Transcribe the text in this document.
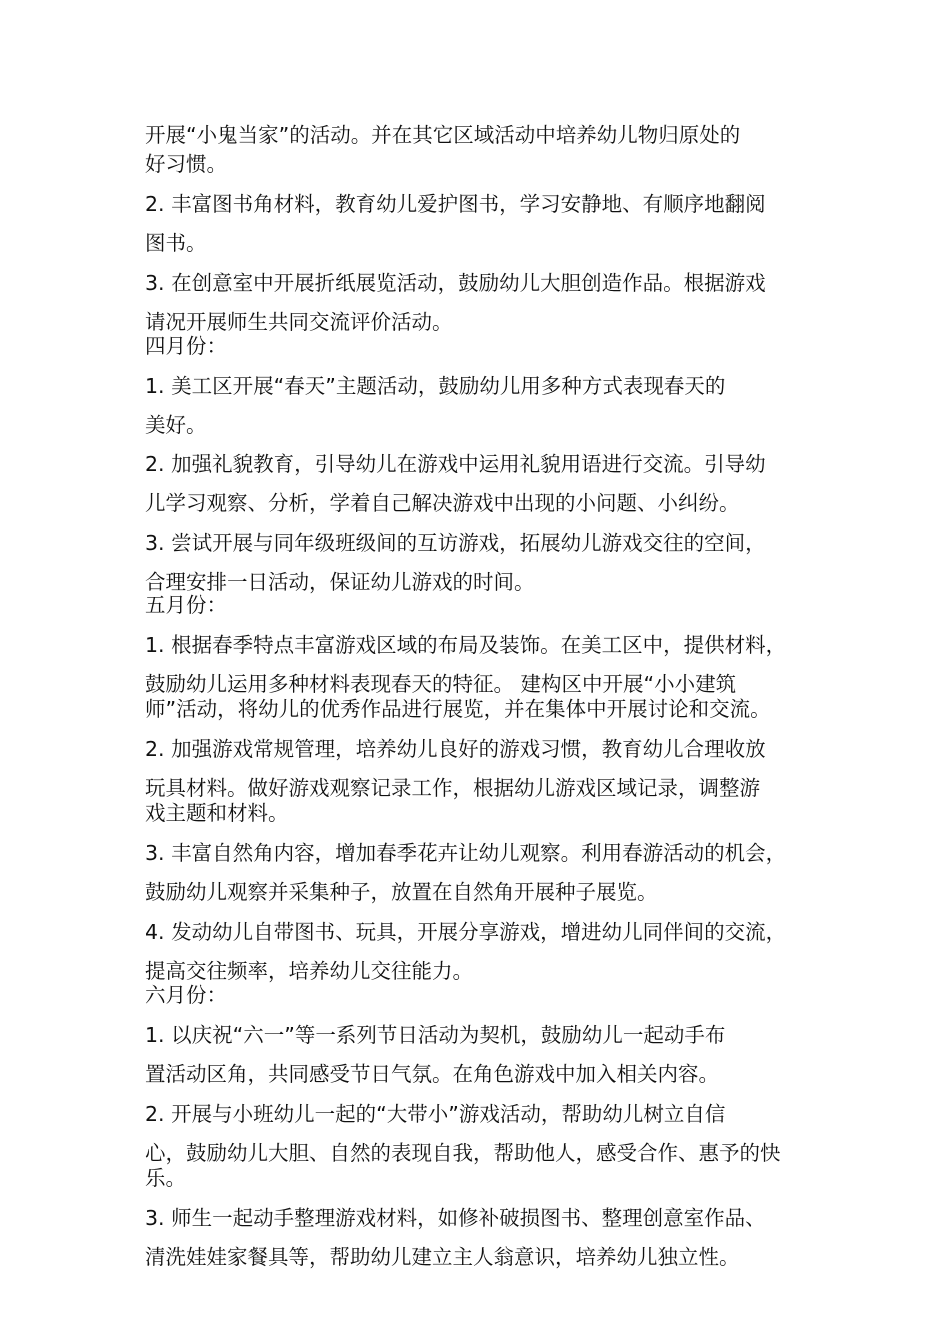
开展“小鬼当家”的活动。并在其它区域活动中培养幼儿物归原处的
好习惯。
2. 丰富图书角材料，教育幼儿爱护图书，学习安静地、有顺序地翻阅
图书。
3. 在创意室中开展折纸展览活动，鼓励幼儿大胆创造作品。根据游戏
请况开展师生共同交流评价活动。
四月份：
1. 美工区开展“春天”主题活动，鼓励幼儿用多种方式表现春天的
美好。
2. 加强礼貌教育，引导幼儿在游戏中运用礼貌用语进行交流。引导幼
儿学习观察、分析，学着自己解决游戏中出现的小问题、小纠纷。
3. 尝试开展与同年级班级间的互访游戏，拓展幼儿游戏交往的空间，
合理安排一日活动，保证幼儿游戏的时间。
五月份：
1. 根据春季特点丰富游戏区域的布局及装饰。在美工区中，提供材料，
鼓励幼儿运用多种材料表现春天的特征。 建构区中开展“小小建筑
师”活动，将幼儿的优秀作品进行展览，并在集体中开展讨论和交流。
2. 加强游戏常规管理，培养幼儿良好的游戏习惯，教育幼儿合理收放
玩具材料。做好游戏观察记录工作，根据幼儿游戏区域记录，调整游
戏主题和材料。
3. 丰富自然角内容，增加春季花卉让幼儿观察。利用春游活动的机会，
鼓励幼儿观察并采集种子，放置在自然角开展种子展览。
4. 发动幼儿自带图书、玩具，开展分享游戏，增进幼儿同伴间的交流，
提高交往频率，培养幼儿交往能力。
六月份：
1. 以庆祝“六一”等一系列节日活动为契机，鼓励幼儿一起动手布
置活动区角，共同感受节日气氛。在角色游戏中加入相关内容。
2. 开展与小班幼儿一起的“大带小”游戏活动，帮助幼儿树立自信
心，鼓励幼儿大胆、自然的表现自我，帮助他人，感受合作、惠予的快
乐。
3. 师生一起动手整理游戏材料，如修补破损图书、整理创意室作品、
清洗娃娃家餐具等，帮助幼儿建立主人翁意识，培养幼儿独立性。
